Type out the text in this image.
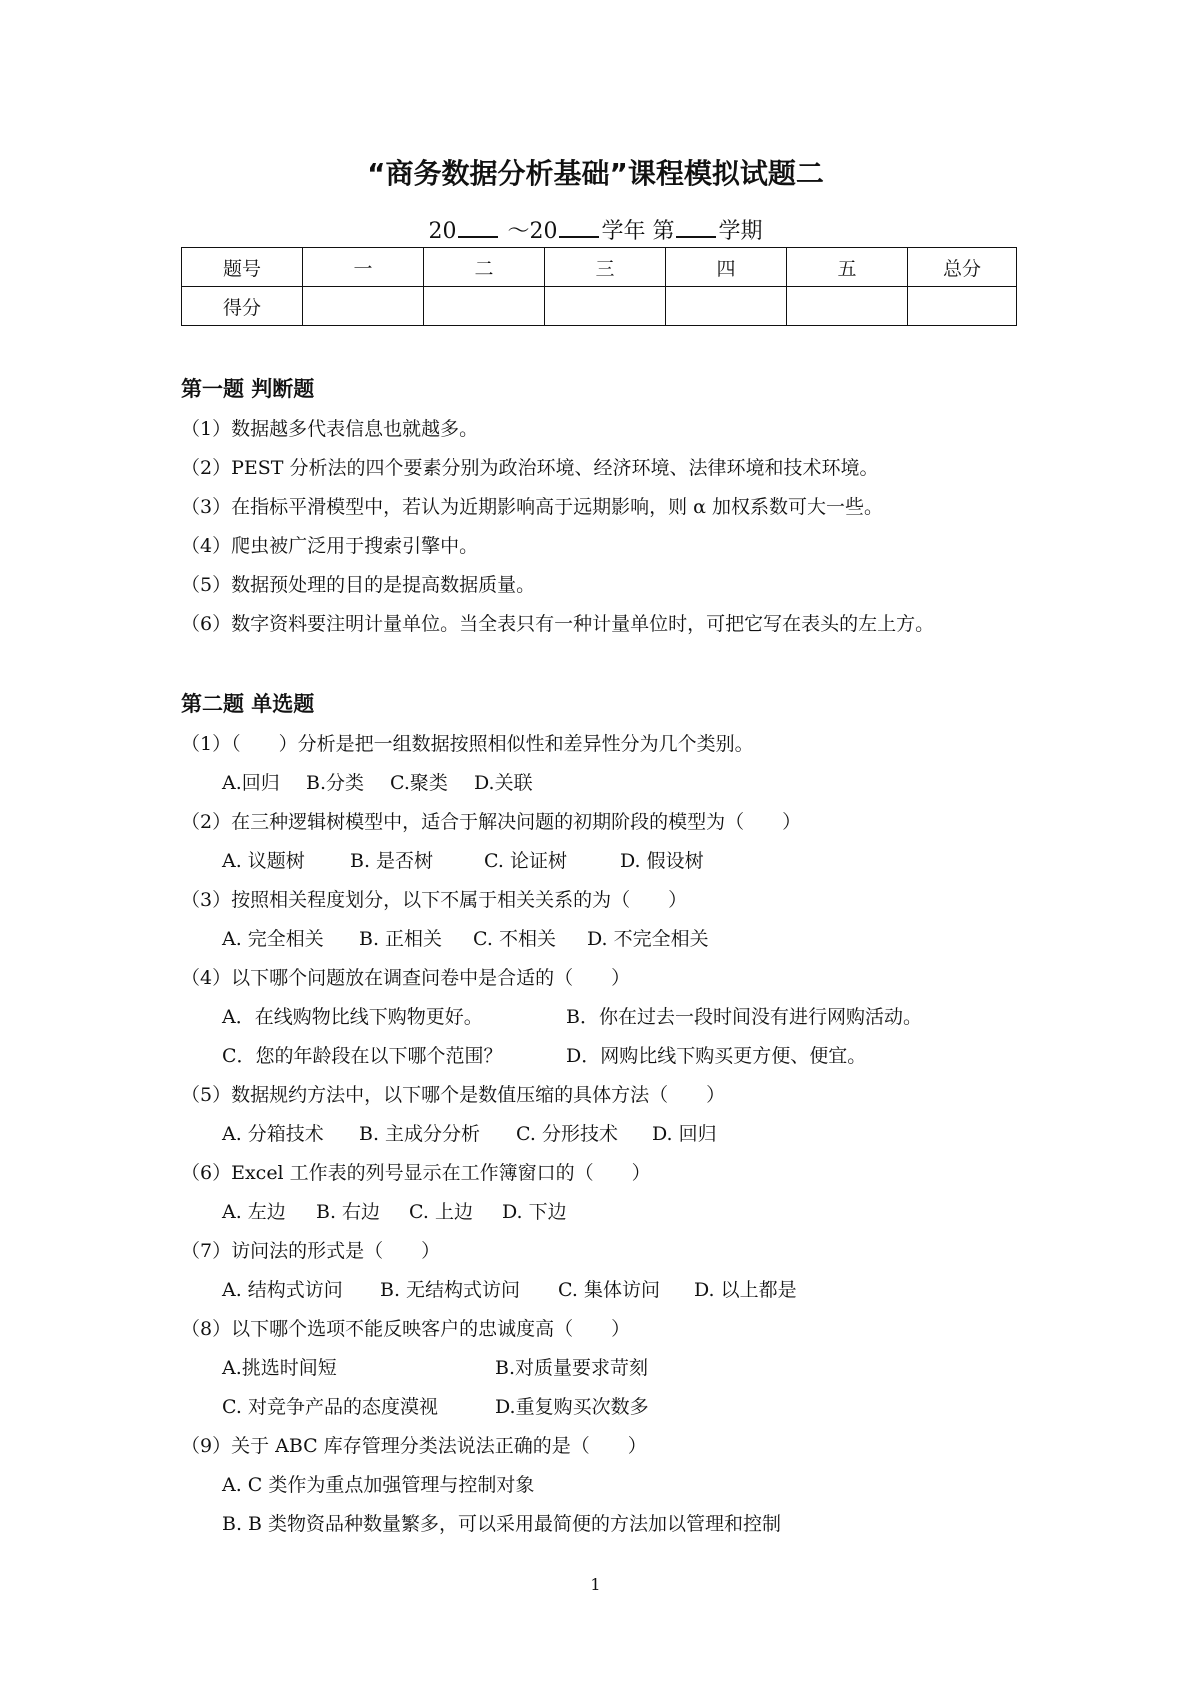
“商务数据分析基础”课程模拟试题二
20 ～20 学年 第 学期
题号	一	二	三	四	五	总分
得分						
第一题 判断题
（1）数据越多代表信息也就越多。
（2）PEST 分析法的四个要素分别为政治环境、经济环境、法律环境和技术环境。
（3）在指标平滑模型中，若认为近期影响高于远期影响，则 α 加权系数可大一些。
（4）爬虫被广泛用于搜索引擎中。
（5）数据预处理的目的是提高数据质量。
（6）数字资料要注明计量单位。当全表只有一种计量单位时，可把它写在表头的左上方。
第二题 单选题
（1）（　　）分析是把一组数据按照相似性和差异性分为几个类别。
A.回归 B.分类 C.聚类 D.关联
（2）在三种逻辑树模型中，适合于解决问题的初期阶段的模型为（　　）
A. 议题树 B. 是否树	C. 论证树	D. 假设树
（3）按照相关程度划分，以下不属于相关关系的为（　　）
A. 完全相关 B. 正相关 C. 不相关 D. 不完全相关
（4）以下哪个问题放在调查问卷中是合适的（　　）
A．在线购物比线下购物更好。	B．你在过去一段时间没有进行网购活动。
C．您的年龄段在以下哪个范围？	D．网购比线下购买更方便、便宜。
（5）数据规约方法中，以下哪个是数值压缩的具体方法（　　）
A. 分箱技术 B. 主成分分析 C. 分形技术 D. 回归
（6）Excel 工作表的列号显示在工作簿窗口的（　　）
A. 左边 B. 右边 C. 上边 D. 下边
（7）访问法的形式是（　　）
A. 结构式访问 B. 无结构式访问 C. 集体访问 D. 以上都是
（8）以下哪个选项不能反映客户的忠诚度高（　　）
A.挑选时间短	B.对质量要求苛刻
C. 对竞争产品的态度漠视	D.重复购买次数多
（9）关于 ABC 库存管理分类法说法正确的是（　　）
A. C 类作为重点加强管理与控制对象
B. B 类物资品种数量繁多，可以采用最简便的方法加以管理和控制
1
